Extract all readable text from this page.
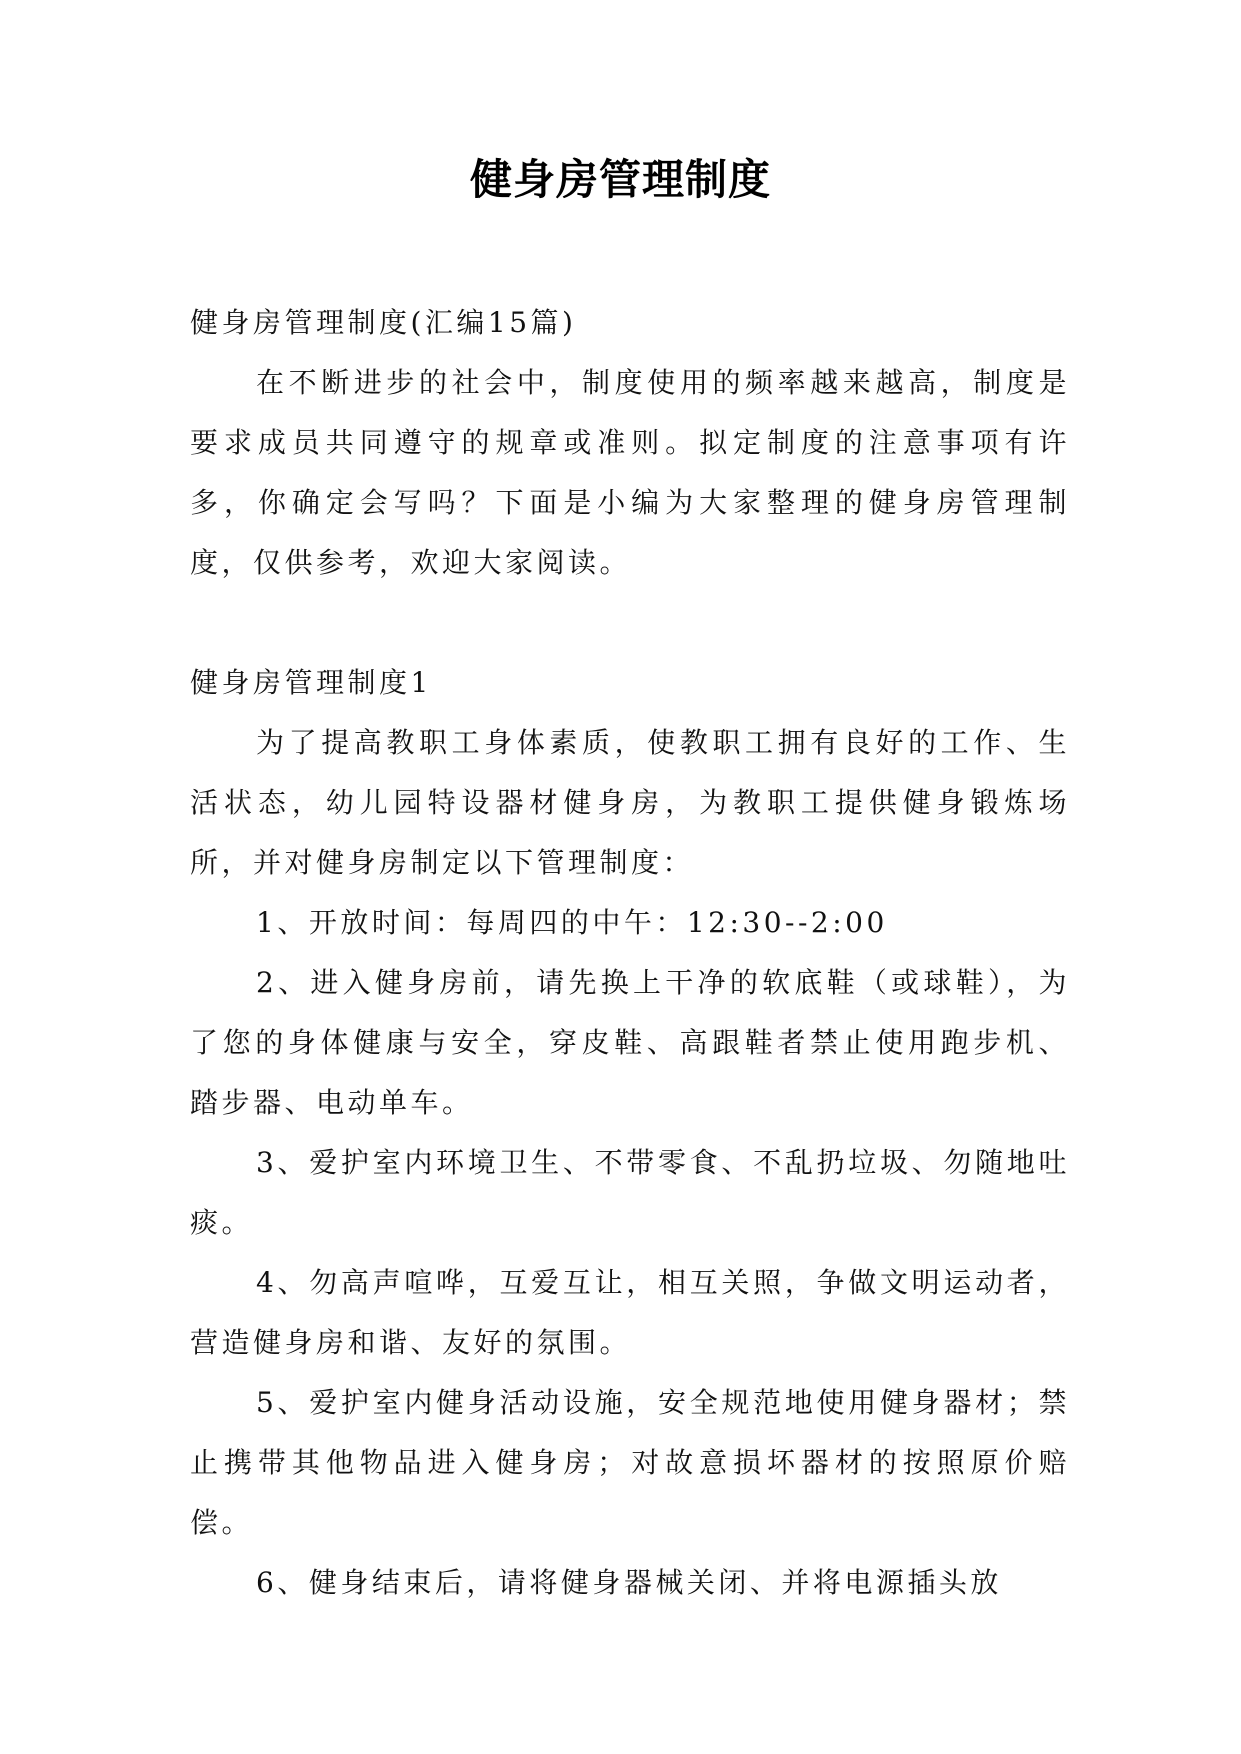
健身房管理制度

健身房管理制度(汇编15篇)

在不断进步的社会中，制度使用的频率越来越高，制度是要求成员共同遵守的规章或准则。拟定制度的注意事项有许多，你确定会写吗？下面是小编为大家整理的健身房管理制度，仅供参考，欢迎大家阅读。

健身房管理制度1

为了提高教职工身体素质，使教职工拥有良好的工作、生活状态，幼儿园特设器材健身房，为教职工提供健身锻炼场所，并对健身房制定以下管理制度：

1、开放时间：每周四的中午：12:30--2:00

2、进入健身房前，请先换上干净的软底鞋（或球鞋），为了您的身体健康与安全，穿皮鞋、高跟鞋者禁止使用跑步机、踏步器、电动单车。

3、爱护室内环境卫生、不带零食、不乱扔垃圾、勿随地吐痰。

4、勿高声喧哗，互爱互让，相互关照，争做文明运动者，营造健身房和谐、友好的氛围。

5、爱护室内健身活动设施，安全规范地使用健身器材；禁止携带其他物品进入健身房；对故意损坏器材的按照原价赔偿。

6、健身结束后，请将健身器械关闭、并将电源插头放
